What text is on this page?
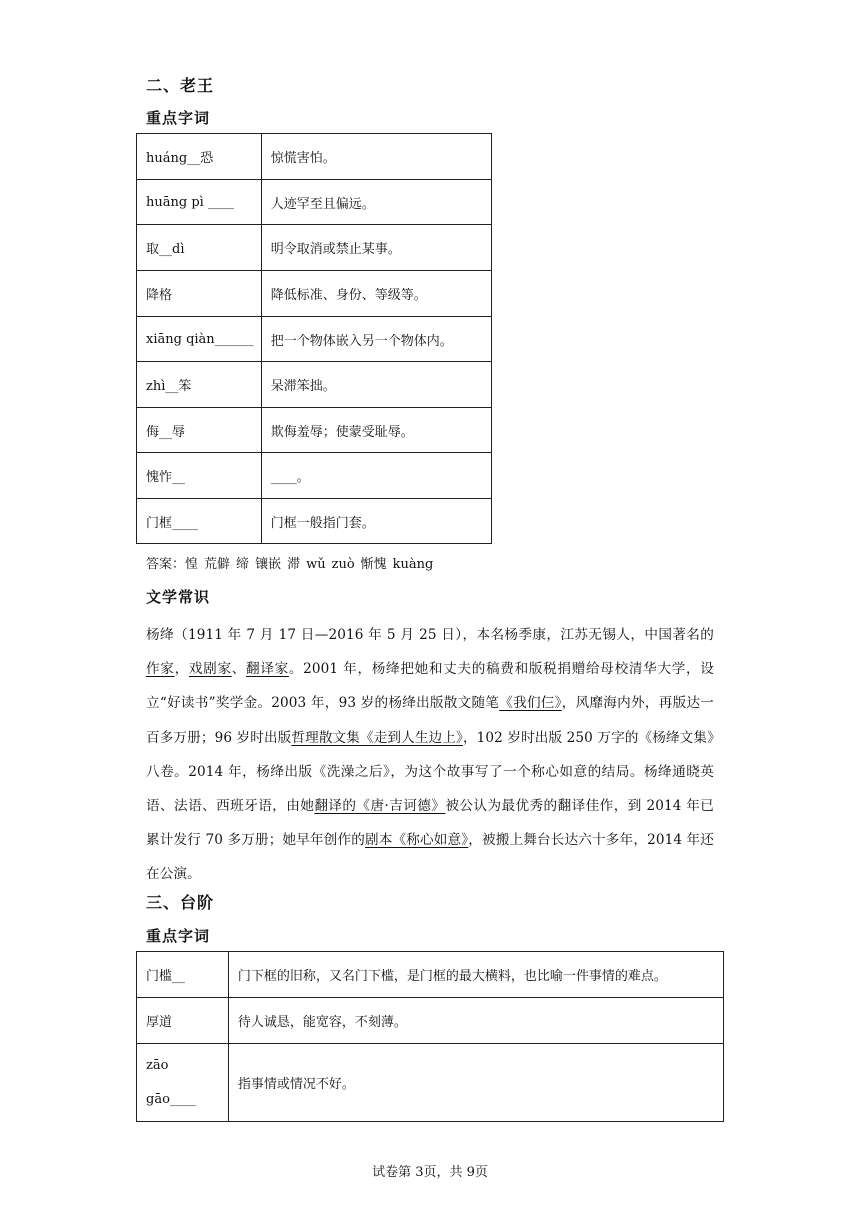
二、老王
重点字词
huáng__恐	惊慌害怕。
huāng pì ____	人迹罕至且偏远。
取__dì	明令取消或禁止某事。
降格	降低标准、身份、等级等。
xiāng qiàn______	把一个物体嵌入另一个物体内。
zhì__笨	呆滞笨拙。
侮__辱	欺侮羞辱；使蒙受耻辱。
愧怍__	____。
门框____	门框一般指门套。
答案：惶 荒僻 缔 镶嵌 滞 wǔ zuò 惭愧 kuàng
文学常识
杨绛（1911 年 7 月 17 日—2016 年 5 月 25 日），本名杨季康，江苏无锡人，中国著名的作家，戏剧家、翻译家。2001 年，杨绛把她和丈夫的稿费和版税捐赠给母校清华大学，设立“好读书”奖学金。2003 年，93 岁的杨绛出版散文随笔《我们仨》，风靡海内外，再版达一百多万册；96 岁时出版哲理散文集《走到人生边上》，102 岁时出版 250 万字的《杨绛文集》八卷。2014 年，杨绛出版《洗澡之后》，为这个故事写了一个称心如意的结局。杨绛通晓英语、法语、西班牙语，由她翻译的《唐·吉诃德》被公认为最优秀的翻译佳作，到 2014 年已累计发行 70 多万册；她早年创作的剧本《称心如意》，被搬上舞台长达六十多年，2014 年还在公演。
三、台阶
重点字词
门槛__	门下框的旧称，又名门下槛，是门框的最大横料，也比喻一件事情的难点。
厚道	待人诚恳，能宽容，不刻薄。

zāo
gāo____	指事情或情况不好。
试卷第 3页，共 9页
